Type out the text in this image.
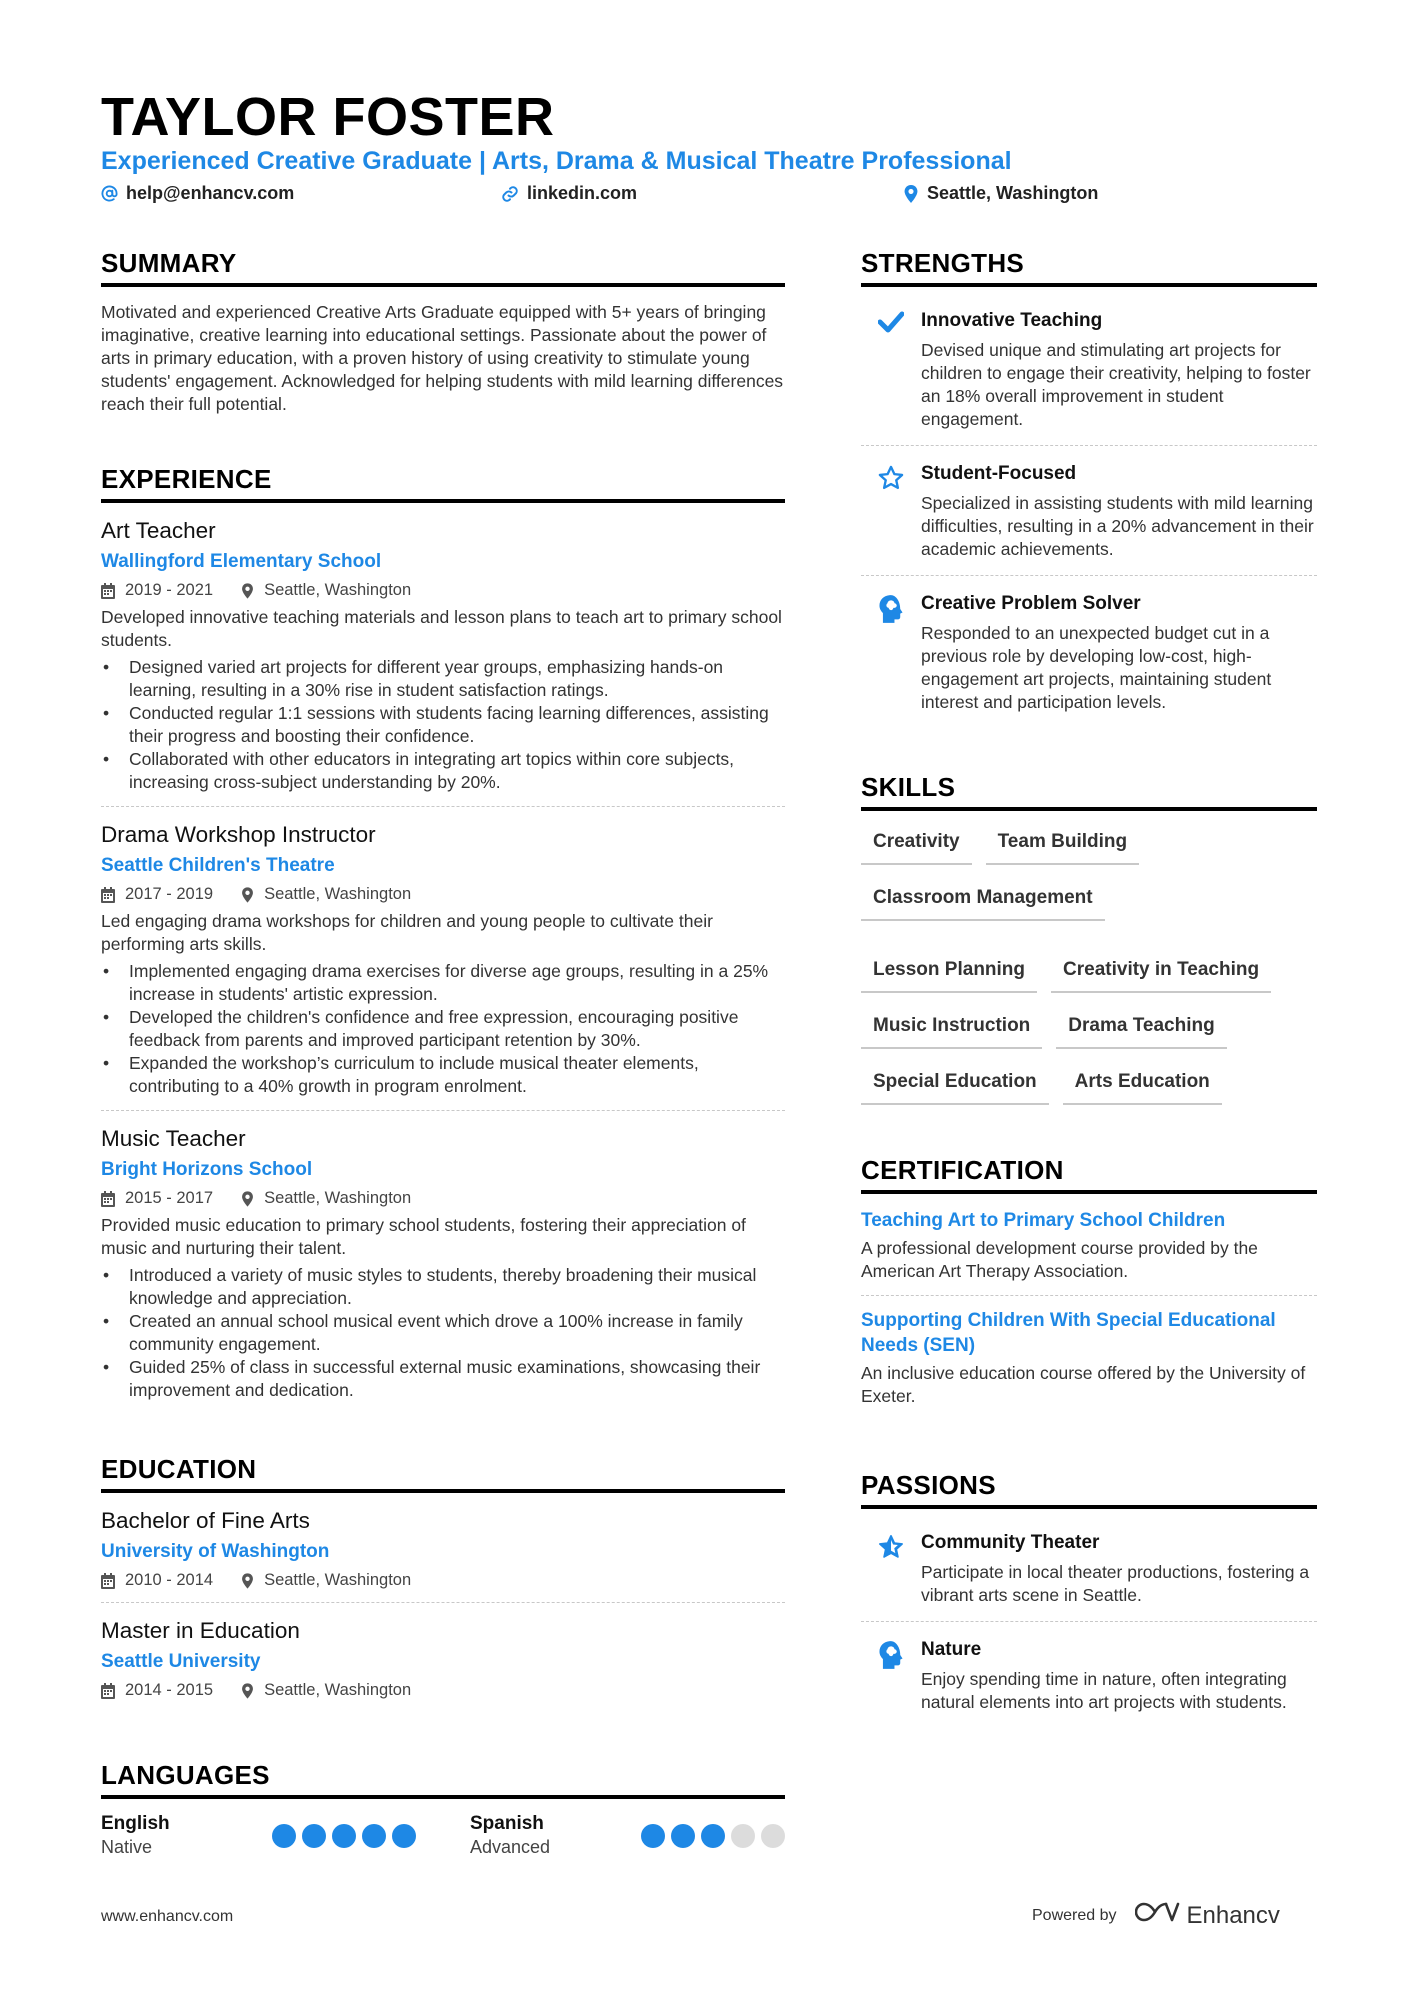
TAYLOR FOSTER
Experienced Creative Graduate | Arts, Drama & Musical Theatre Professional
help@enhancv.com	linkedin.com	Seattle, Washington
SUMMARY
Motivated and experienced Creative Arts Graduate equipped with 5+ years of bringing imaginative, creative learning into educational settings. Passionate about the power of arts in primary education, with a proven history of using creativity to stimulate young students' engagement. Acknowledged for helping students with mild learning differences reach their full potential.
EXPERIENCE
Art Teacher
Wallingford Elementary School
2019 - 2021	Seattle, Washington
Developed innovative teaching materials and lesson plans to teach art to primary school students.
• Designed varied art projects for different year groups, emphasizing hands-on learning, resulting in a 30% rise in student satisfaction ratings.
• Conducted regular 1:1 sessions with students facing learning differences, assisting their progress and boosting their confidence.
• Collaborated with other educators in integrating art topics within core subjects, increasing cross-subject understanding by 20%.
Drama Workshop Instructor
Seattle Children's Theatre
2017 - 2019	Seattle, Washington
Led engaging drama workshops for children and young people to cultivate their performing arts skills.
• Implemented engaging drama exercises for diverse age groups, resulting in a 25% increase in students' artistic expression.
• Developed the children's confidence and free expression, encouraging positive feedback from parents and improved participant retention by 30%.
• Expanded the workshop’s curriculum to include musical theater elements, contributing to a 40% growth in program enrolment.
Music Teacher
Bright Horizons School
2015 - 2017	Seattle, Washington
Provided music education to primary school students, fostering their appreciation of music and nurturing their talent.
• Introduced a variety of music styles to students, thereby broadening their musical knowledge and appreciation.
• Created an annual school musical event which drove a 100% increase in family community engagement.
• Guided 25% of class in successful external music examinations, showcasing their improvement and dedication.
EDUCATION
Bachelor of Fine Arts
University of Washington
2010 - 2014	Seattle, Washington
Master in Education
Seattle University
2014 - 2015	Seattle, Washington
LANGUAGES
English
Native
Spanish
Advanced
STRENGTHS
Innovative Teaching
Devised unique and stimulating art projects for children to engage their creativity, helping to foster an 18% overall improvement in student engagement.
Student-Focused
Specialized in assisting students with mild learning difficulties, resulting in a 20% advancement in their academic achievements.
Creative Problem Solver
Responded to an unexpected budget cut in a previous role by developing low-cost, high-engagement art projects, maintaining student interest and participation levels.
SKILLS
Creativity	Team Building
Classroom Management
Lesson Planning	Creativity in Teaching
Music Instruction	Drama Teaching
Special Education	Arts Education
CERTIFICATION
Teaching Art to Primary School Children
A professional development course provided by the American Art Therapy Association.
Supporting Children With Special Educational Needs (SEN)
An inclusive education course offered by the University of Exeter.
PASSIONS
Community Theater
Participate in local theater productions, fostering a vibrant arts scene in Seattle.
Nature
Enjoy spending time in nature, often integrating natural elements into art projects with students.
www.enhancv.com	Powered by	Enhancv
